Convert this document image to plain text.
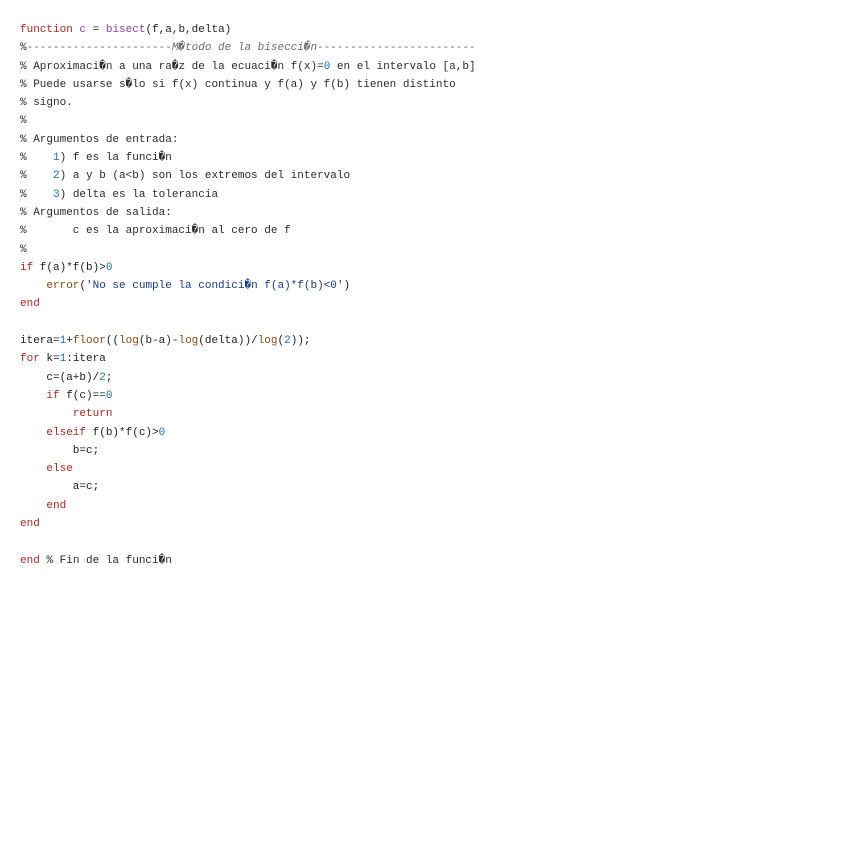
function c = bisect(f,a,b,delta)
%----------------------M�todo de la bisecci�n------------------------
% Aproximaci�n a una ra�z de la ecuaci�n f(x)=0 en el intervalo [a,b]
% Puede usarse s�lo si f(x) continua y f(a) y f(b) tienen distinto
% signo.
%
% Argumentos de entrada:
%    1) f es la funci�n
%    2) a y b (a<b) son los extremos del intervalo
%    3) delta es la tolerancia
% Argumentos de salida:
%       c es la aproximaci�n al cero de f
%
if f(a)*f(b)>0
error('No se cumple la condici�n f(a)*f(b)<0')
end

itera=1+floor((log(b-a)-log(delta))/log(2));
for k=1:itera
c=(a+b)/2;
if f(c)==0
return
elseif f(b)*f(c)>0
b=c;
else
a=c;
end
end

end % Fin de la funci�n
